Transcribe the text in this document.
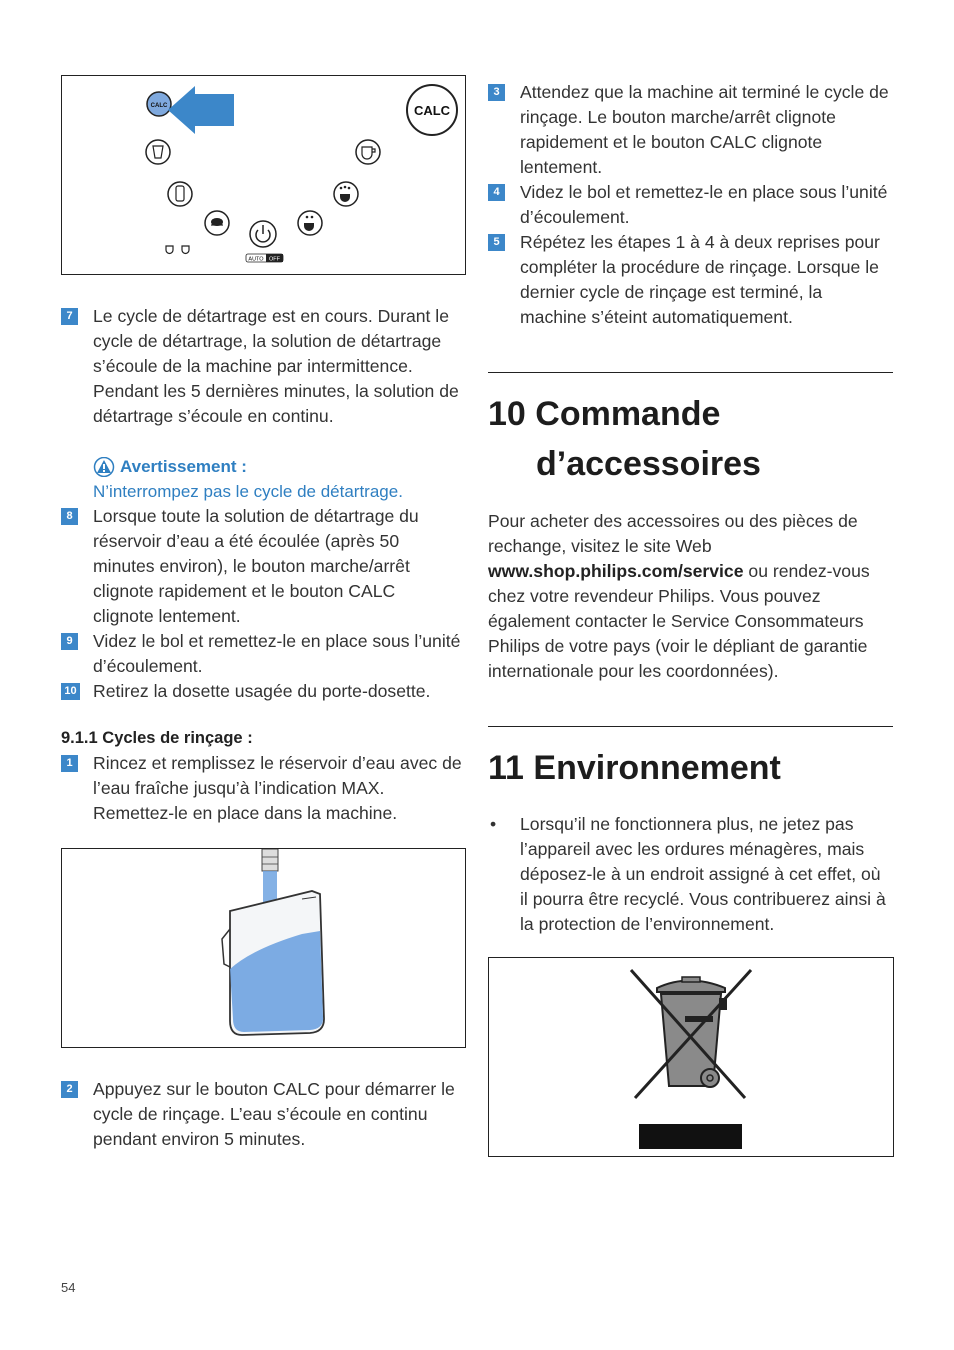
CALC	CALC
AUTO OFF
7	Le cycle de détartrage est en cours. Durant le cycle de détartrage, la solution de détartrage s’écoule de la machine par intermittence. Pendant les 5 dernières minutes, la solution de détartrage s’écoule en continu.
Avertissement :
N’interrompez pas le cycle de détartrage.
8	Lorsque toute la solution de détartrage du réservoir d’eau a été écoulée (après 50 minutes environ), le bouton marche/arrêt clignote rapidement et le bouton CALC clignote lentement.
9	Videz le bol et remettez-le en place sous l’unité d’écoulement.
10 Retirez la dosette usagée du porte-dosette.
9.1.1 Cycles de rinçage :
1	Rincez et remplissez le réservoir d’eau avec de l’eau fraîche jusqu’à l’indication MAX. Remettez-le en place dans la machine.
2	Appuyez sur le bouton CALC pour démarrer le cycle de rinçage. L’eau s’écoule en continu pendant environ 5 minutes.
3	Attendez que la machine ait terminé le cycle de rinçage. Le bouton marche/arrêt clignote rapidement et le bouton CALC clignote lentement.
4	Videz le bol et remettez-le en place sous l’unité d’écoulement.
5	Répétez les étapes 1 à 4 à deux reprises pour compléter la procédure de rinçage. Lorsque le dernier cycle de rinçage est terminé, la machine s’éteint automatiquement.
10 Commande
d’accessoires
Pour acheter des accessoires ou des pièces de rechange, visitez le site Web www.shop.philips.com/service ou rendez-vous chez votre revendeur Philips. Vous pouvez également contacter le Service Consommateurs Philips de votre pays (voir le dépliant de garantie internationale pour les coordonnées).
11 Environnement
•	Lorsqu’il ne fonctionnera plus, ne jetez pas l’appareil avec les ordures ménagères, mais déposez-le à un endroit assigné à cet effet, où il pourra être recyclé. Vous contribuerez ainsi à la protection de l’environnement.
54
